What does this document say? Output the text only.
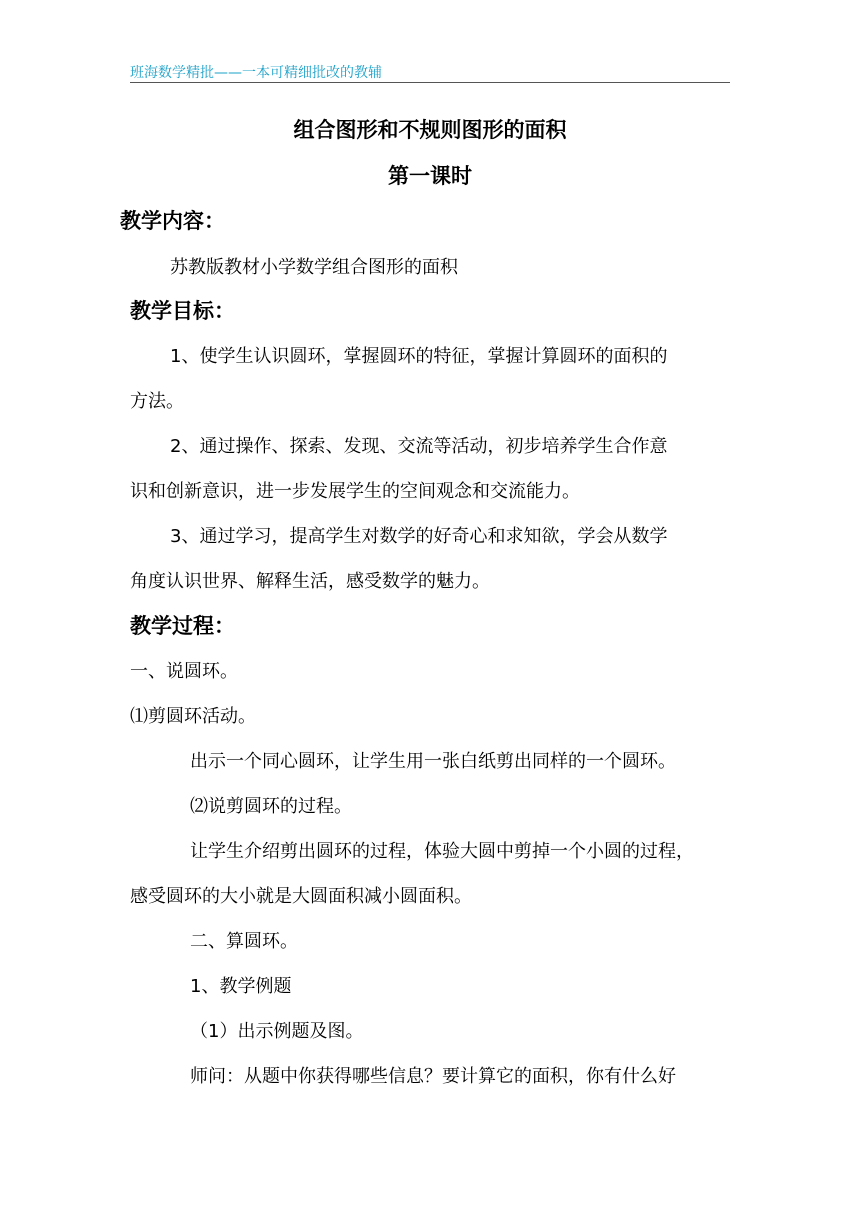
班海数学精批——一本可精细批改的教辅
组合图形和不规则图形的面积
第一课时
教学内容：
苏教版教材小学数学组合图形的面积
教学目标：
1、使学生认识圆环，掌握圆环的特征，掌握计算圆环的面积的
方法。
2、通过操作、探索、发现、交流等活动，初步培养学生合作意
识和创新意识，进一步发展学生的空间观念和交流能力。
3、通过学习，提高学生对数学的好奇心和求知欲，学会从数学
角度认识世界、解释生活，感受数学的魅力。
教学过程：
一、说圆环。
⑴剪圆环活动。
出示一个同心圆环，让学生用一张白纸剪出同样的一个圆环。
⑵说剪圆环的过程。
让学生介绍剪出圆环的过程，体验大圆中剪掉一个小圆的过程，
感受圆环的大小就是大圆面积减小圆面积。
二、算圆环。
1、教学例题
（1）出示例题及图。
师问：从题中你获得哪些信息？要计算它的面积，你有什么好
